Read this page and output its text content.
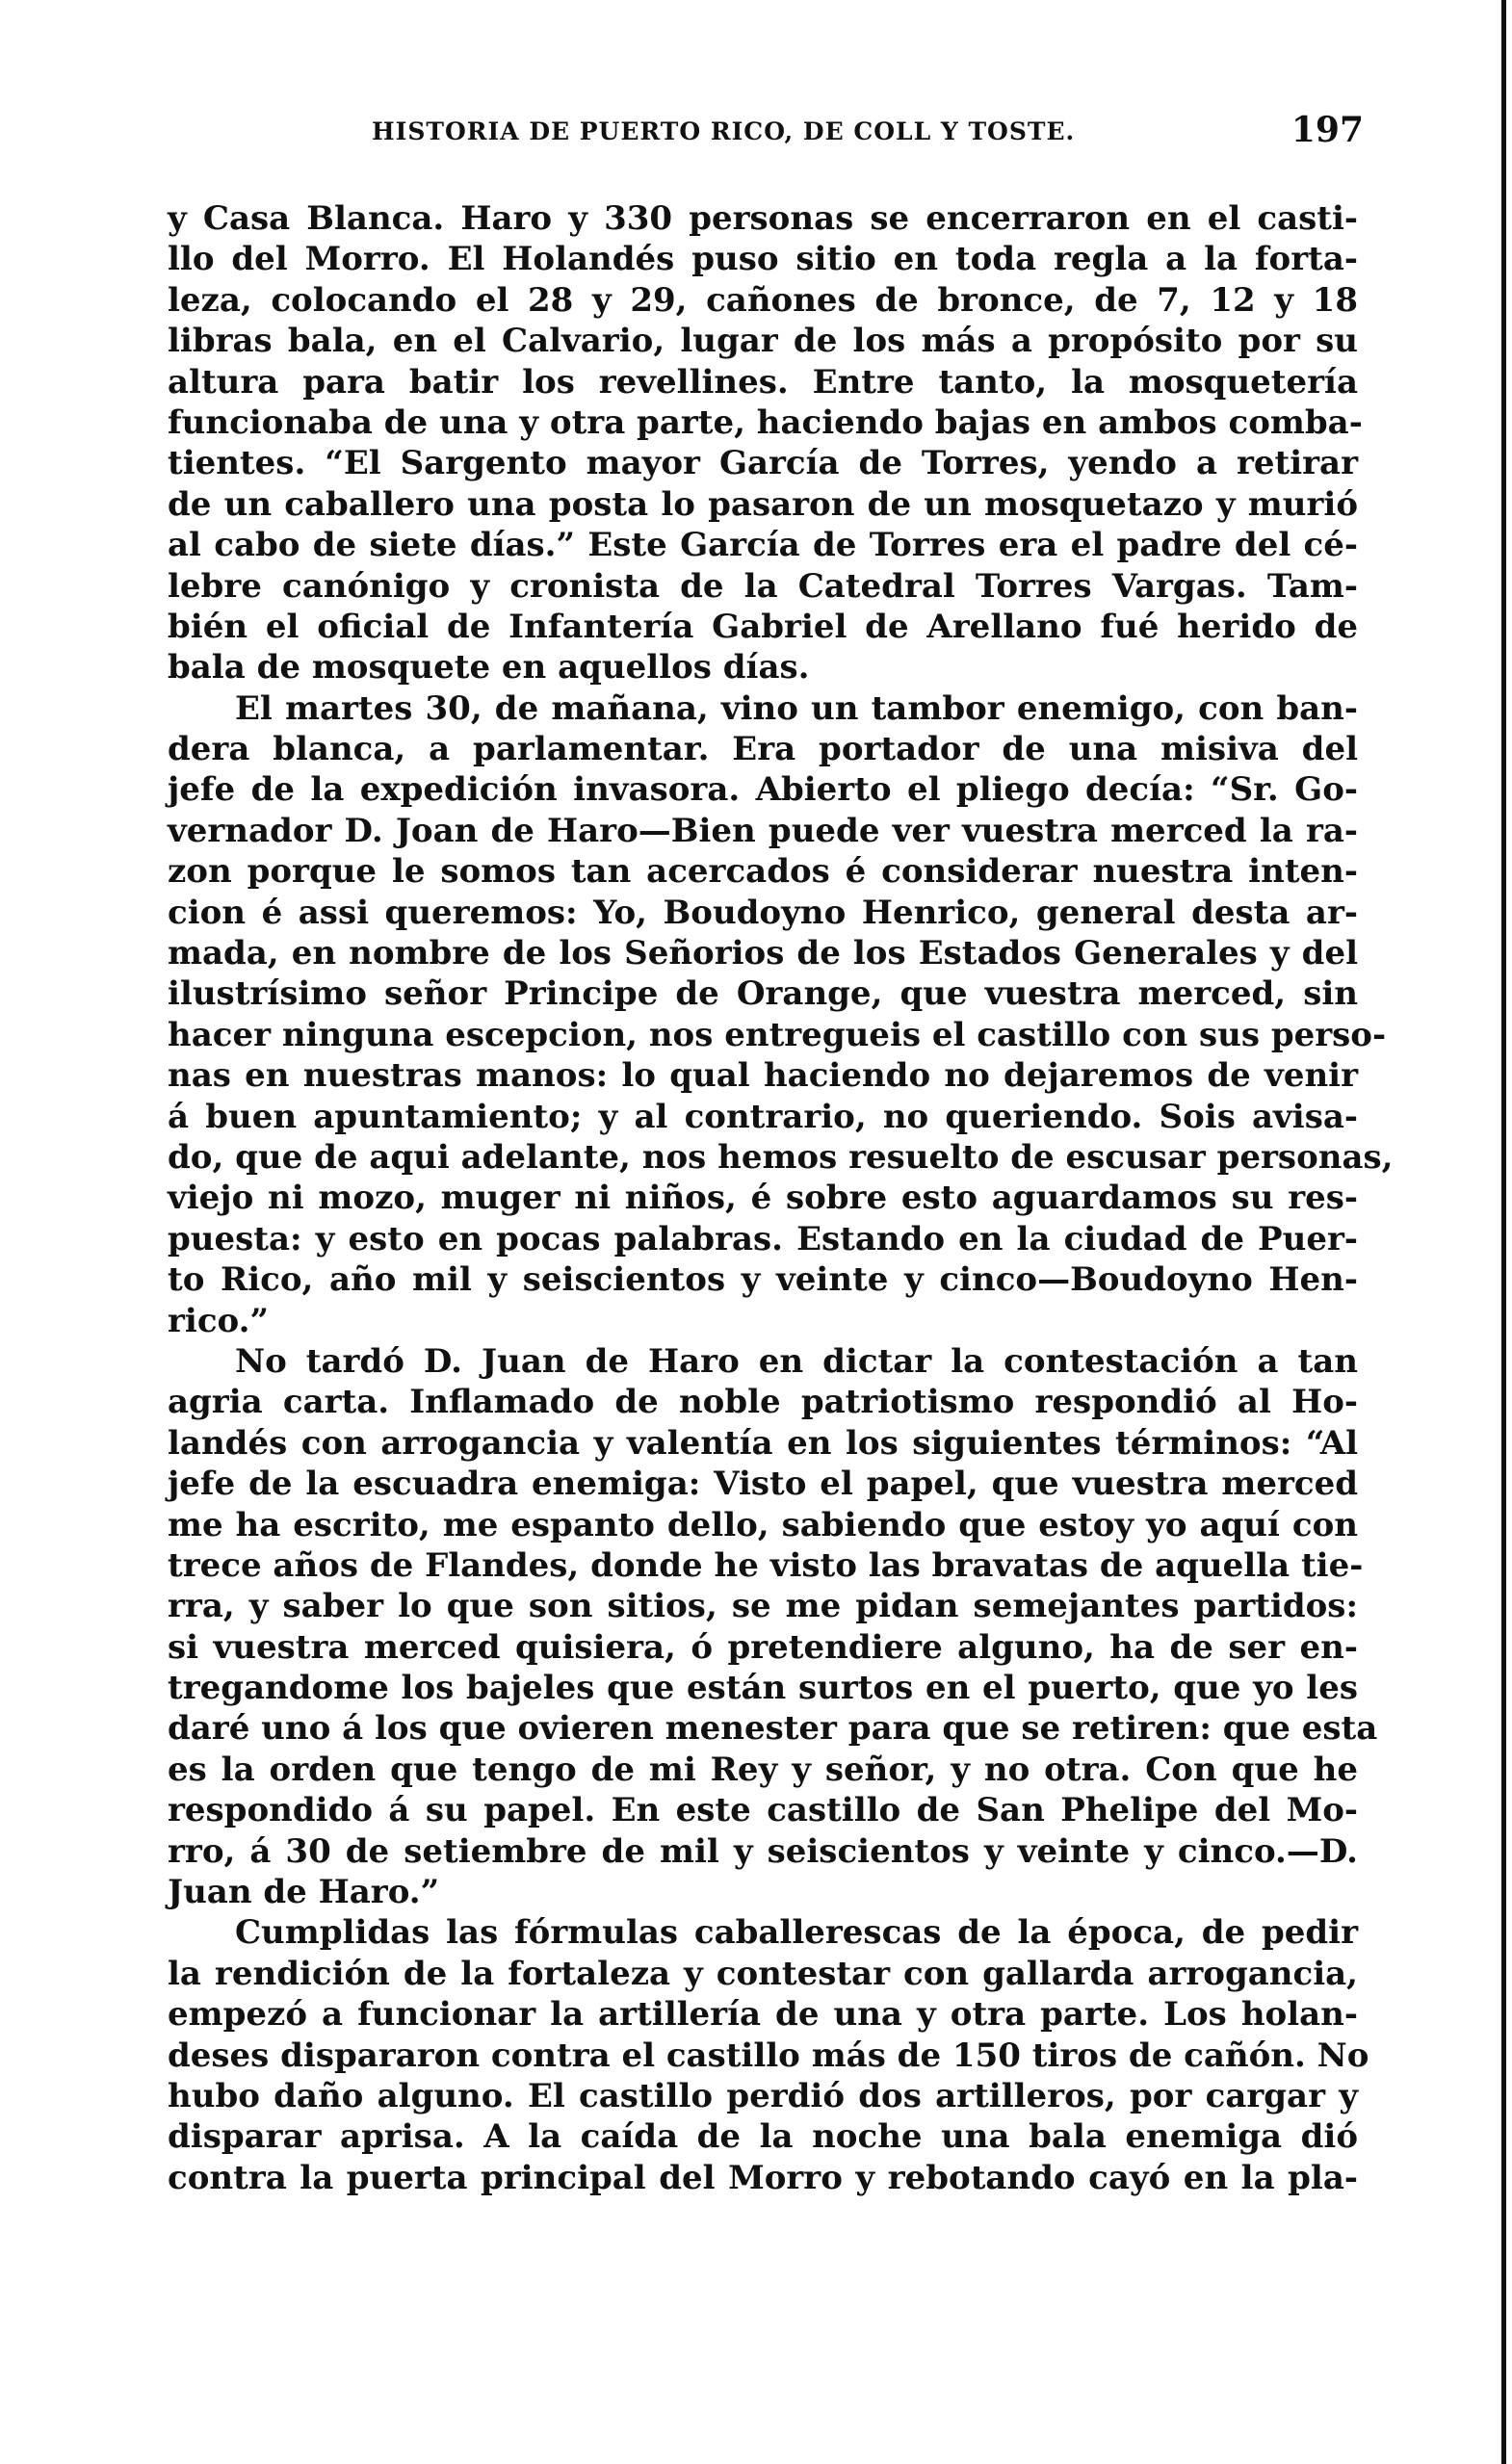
HISTORIA DE PUERTO RICO, DE COLL Y TOSTE.	197
y Casa Blanca. Haro y 330 personas se encerraron en el casti-
llo del Morro. El Holandés puso sitio en toda regla a la forta-
leza, colocando el 28 y 29, cañones de bronce, de 7, 12 y 18
libras bala, en el Calvario, lugar de los más a propósito por su
altura para batir los revellines. Entre tanto, la mosquetería
funcionaba de una y otra parte, haciendo bajas en ambos comba-
tientes. “El Sargento mayor García de Torres, yendo a retirar
de un caballero una posta lo pasaron de un mosquetazo y murió
al cabo de siete días.” Este García de Torres era el padre del cé-
lebre canónigo y cronista de la Catedral Torres Vargas. Tam-
bién el oficial de Infantería Gabriel de Arellano fué herido de
bala de mosquete en aquellos días.
El martes 30, de mañana, vino un tambor enemigo, con ban-
dera blanca, a parlamentar. Era portador de una misiva del
jefe de la expedición invasora. Abierto el pliego decía: “Sr. Go-
vernador D. Joan de Haro—Bien puede ver vuestra merced la ra-
zon porque le somos tan acercados é considerar nuestra inten-
cion é assi queremos: Yo, Boudoyno Henrico, general desta ar-
mada, en nombre de los Señorios de los Estados Generales y del
ilustrísimo señor Principe de Orange, que vuestra merced, sin
hacer ninguna escepcion, nos entregueis el castillo con sus perso-
nas en nuestras manos: lo qual haciendo no dejaremos de venir
á buen apuntamiento; y al contrario, no queriendo. Sois avisa-
do, que de aqui adelante, nos hemos resuelto de escusar personas,
viejo ni mozo, muger ni niños, é sobre esto aguardamos su res-
puesta: y esto en pocas palabras. Estando en la ciudad de Puer-
to Rico, año mil y seiscientos y veinte y cinco—Boudoyno Hen-
rico.”
No tardó D. Juan de Haro en dictar la contestación a tan
agria carta. Inflamado de noble patriotismo respondió al Ho-
landés con arrogancia y valentía en los siguientes términos: “Al
jefe de la escuadra enemiga: Visto el papel, que vuestra merced
me ha escrito, me espanto dello, sabiendo que estoy yo aquí con
trece años de Flandes, donde he visto las bravatas de aquella tie-
rra, y saber lo que son sitios, se me pidan semejantes partidos:
si vuestra merced quisiera, ó pretendiere alguno, ha de ser en-
tregandome los bajeles que están surtos en el puerto, que yo les
daré uno á los que ovieren menester para que se retiren: que esta
es la orden que tengo de mi Rey y señor, y no otra. Con que he
respondido á su papel. En este castillo de San Phelipe del Mo-
rro, á 30 de setiembre de mil y seiscientos y veinte y cinco.—D.
Juan de Haro.”
Cumplidas las fórmulas caballerescas de la época, de pedir
la rendición de la fortaleza y contestar con gallarda arrogancia,
empezó a funcionar la artillería de una y otra parte. Los holan-
deses dispararon contra el castillo más de 150 tiros de cañón. No
hubo daño alguno. El castillo perdió dos artilleros, por cargar y
disparar aprisa. A la caída de la noche una bala enemiga dió
contra la puerta principal del Morro y rebotando cayó en la pla-
